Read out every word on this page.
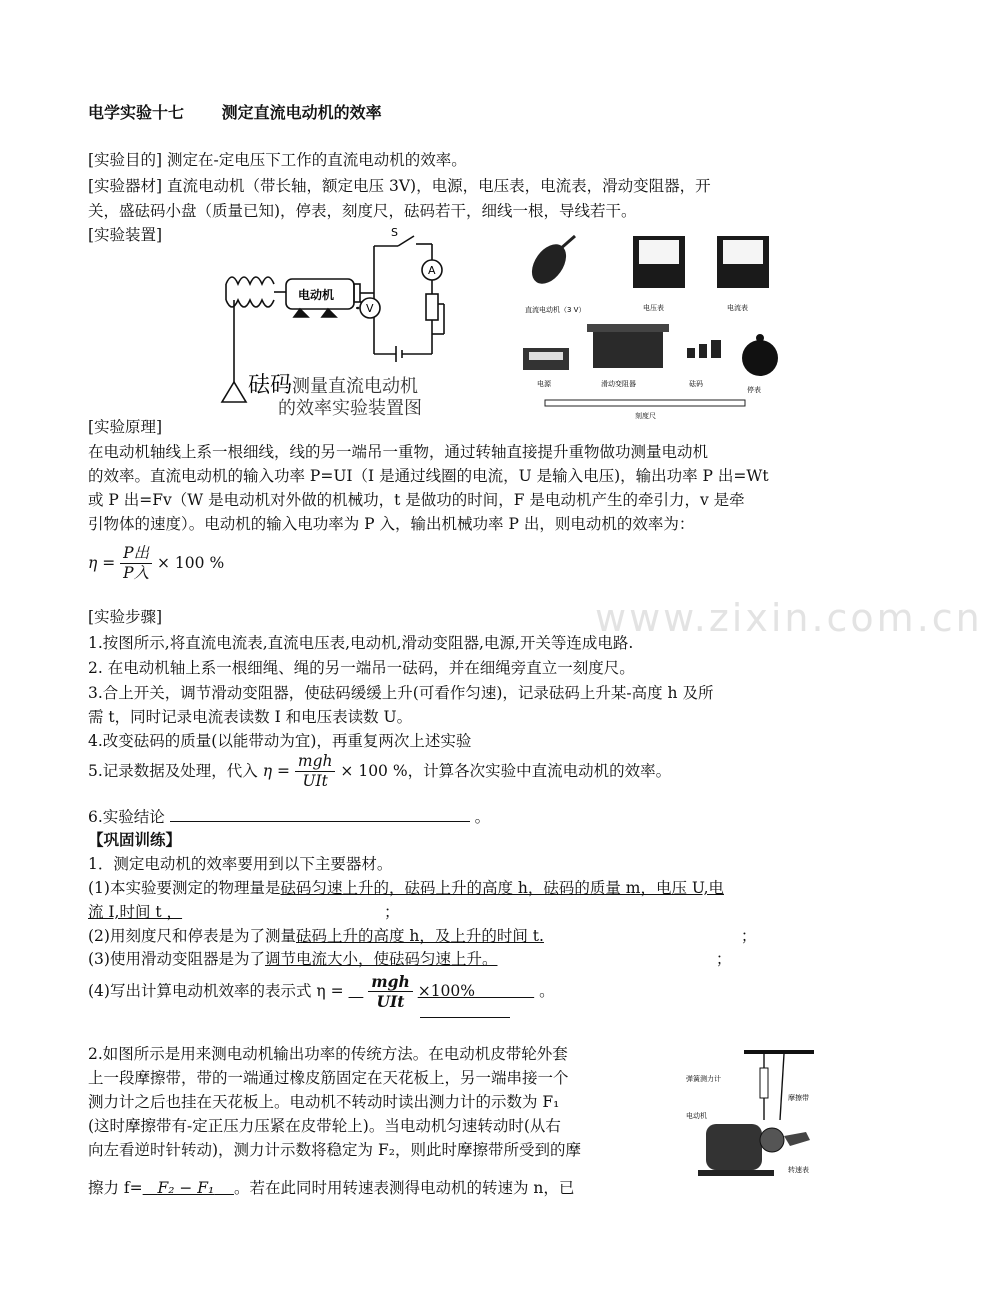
www.zixin.com.cn
电学实验十七　　 测定直流电动机的效率
[实验目的] 测定在-定电压下工作的直流电动机的效率。
[实验器材] 直流电动机（带长轴，额定电压 3V)，电源，电压表，电流表，滑动变阻器，开
关，盛砝码小盘（质量已知)，停表，刻度尺，砝码若干，细线一根，导线若干。
[实验装置]	S
A
V
电动机
砝码 测量直流电动机
的效率实验装置图
直流电动机（3 V）	电压表	电流表
电源	滑动变阻器	砝码
停表
刻度尺
[实验原理]
在电动机轴线上系一根细线，线的另一端吊一重物，通过转轴直接提升重物做功测量电动机
的效率。直流电动机的输入功率 P=UI（I 是通过线圈的电流，U 是输入电压)，输出功率 P 出=Wt
或 P 出=Fv（W 是电动机对外做的机械功，t 是做功的时间，F 是电动机产生的牵引力，v 是牵
引物体的速度）。电动机的输入电功率为 P 入，输出机械功率 P 出，则电动机的效率为：
$\eta = \frac{\text{P出}}{\text{P入}} \times 100$ %
[实验步骤]
1.按图所示,将直流电流表,直流电压表,电动机,滑动变阻器,电源,开关等连成电路.
2. 在电动机轴上系一根细绳、绳的另一端吊一砝码，并在细绳旁直立一刻度尺。
3.合上开关，调节滑动变阻器，使砝码缓缓上升(可看作匀速)，记录砝码上升某-高度 h 及所
需 t，同时记录电流表读数 I 和电压表读数 U。
4.改变砝码的质量(以能带动为宜)，再重复两次上述实验
5.记录数据及处理，代入 $\eta = \frac{\text{mgh}}{\text{UIt}} \times 100$ %，计算各次实验中直流电动机的效率。
6.实验结论	。
【巩固训练】
1．测定电动机的效率要用到以下主要器材。
(1)本实验要测定的物理量是砝码匀速上升的，砝码上升的高度 h，砝码的质量 m，电压 U,电
流 I,时间 t ，	；
(2)用刻度尺和停表是为了测量砝码上升的高度 h，及上升的时间 t.	；
(3)使用滑动变阻器是为了调节电流大小，使砝码匀速上升。	；
(4)写出计算电动机效率的表示式 $\eta = \frac{\text{mgh}}{\text{UIt}} \times 100\%$	。
2.如图所示是用来测电动机输出功率的传统方法。在电动机皮带轮外套
上一段摩擦带，带的一端通过橡皮筋固定在天花板上，另一端串接一个
测力计之后也挂在天花板上。电动机不转动时读出测力计的示数为 F₁
(这时摩擦带有-定正压力压紧在皮带轮上)。当电动机匀速转动时(从右
向左看逆时针转动)，测力计示数将稳定为 F₂，则此时摩擦带所受到的摩
擦力 f= F₂ − F₁ 。若在此同时用转速表测得电动机的转速为 n，已
弹簧测力计
摩擦带
电动机
转速表
